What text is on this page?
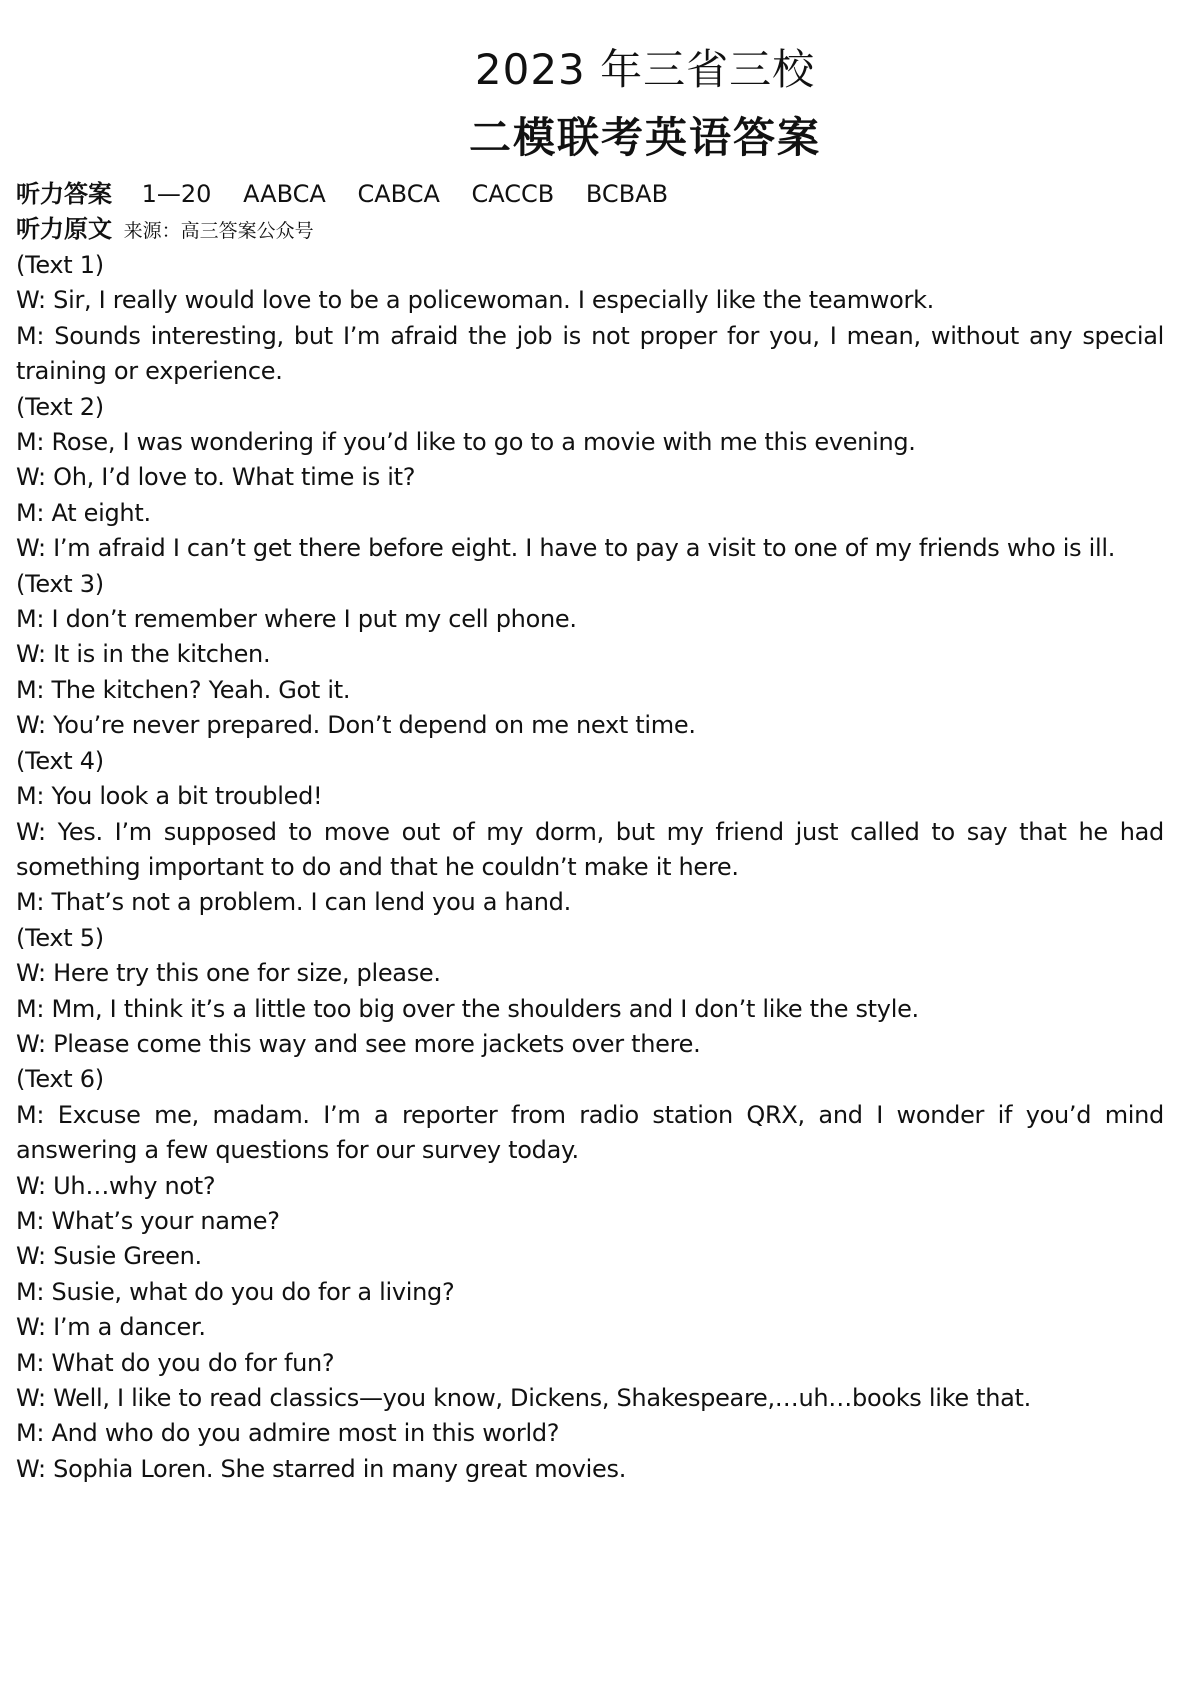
2023 年三省三校
二模联考英语答案

听力答案 1—20 AABCA CABCA CACCB BCBAB

听力原文 来源：高三答案公众号

(Text 1)

W: Sir, I really would love to be a policewoman. I especially like the teamwork.

M: Sounds interesting, but I’m afraid the job is not proper for you, I mean, without any special training or experience.

(Text 2)

M: Rose, I was wondering if you’d like to go to a movie with me this evening.

W: Oh, I’d love to. What time is it?

M: At eight.

W: I’m afraid I can’t get there before eight. I have to pay a visit to one of my friends who is ill.

(Text 3)

M: I don’t remember where I put my cell phone.

W: It is in the kitchen.

M: The kitchen? Yeah. Got it.

W: You’re never prepared. Don’t depend on me next time.

(Text 4)

M: You look a bit troubled!

W: Yes. I’m supposed to move out of my dorm, but my friend just called to say that he had something important to do and that he couldn’t make it here.

M: That’s not a problem. I can lend you a hand.

(Text 5)

W: Here try this one for size, please.

M: Mm, I think it’s a little too big over the shoulders and I don’t like the style.

W: Please come this way and see more jackets over there.

(Text 6)

M: Excuse me, madam. I’m a reporter from radio station QRX, and I wonder if you’d mind answering a few questions for our survey today.

W: Uh…why not?

M: What’s your name?

W: Susie Green.

M: Susie, what do you do for a living?

W: I’m a dancer.

M: What do you do for fun?

W: Well, I like to read classics—you know, Dickens, Shakespeare,…uh…books like that.

M: And who do you admire most in this world?

W: Sophia Loren. She starred in many great movies.
